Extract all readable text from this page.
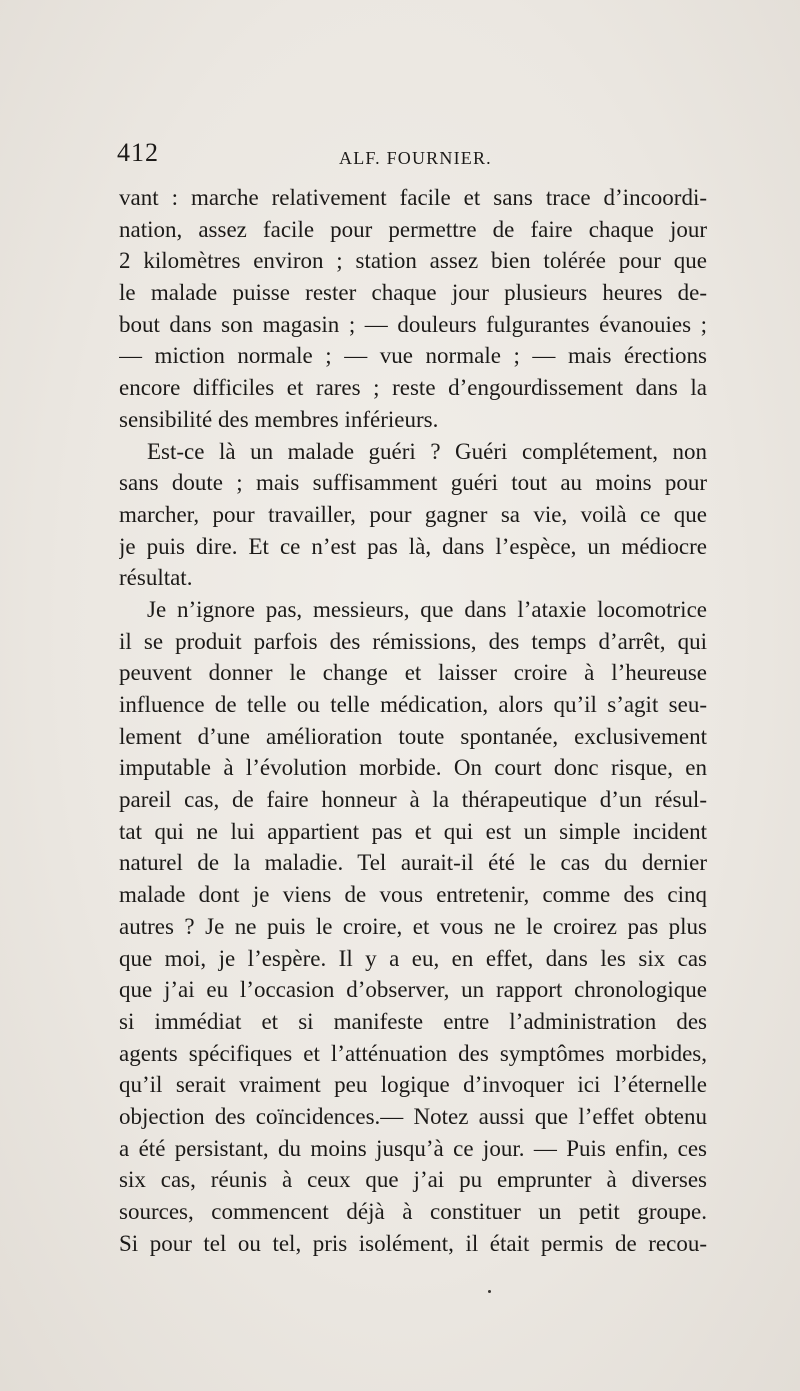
412	ALF. FOURNIER.
vant : marche relativement facile et sans trace d’incoordi-
nation, assez facile pour permettre de faire chaque jour
2 kilomètres environ ; station assez bien tolérée pour que
le malade puisse rester chaque jour plusieurs heures de-
bout dans son magasin ; — douleurs fulgurantes évanouies ;
— miction normale ; — vue normale ; — mais érections
encore difficiles et rares ; reste d’engourdissement dans la
sensibilité des membres inférieurs.
Est-ce là un malade guéri ? Guéri complétement, non
sans doute ; mais suffisamment guéri tout au moins pour
marcher, pour travailler, pour gagner sa vie, voilà ce que
je puis dire. Et ce n’est pas là, dans l’espèce, un médiocre
résultat.
Je n’ignore pas, messieurs, que dans l’ataxie locomotrice
il se produit parfois des rémissions, des temps d’arrêt, qui
peuvent donner le change et laisser croire à l’heureuse
influence de telle ou telle médication, alors qu’il s’agit seu-
lement d’une amélioration toute spontanée, exclusivement
imputable à l’évolution morbide. On court donc risque, en
pareil cas, de faire honneur à la thérapeutique d’un résul-
tat qui ne lui appartient pas et qui est un simple incident
naturel de la maladie. Tel aurait-il été le cas du dernier
malade dont je viens de vous entretenir, comme des cinq
autres ? Je ne puis le croire, et vous ne le croirez pas plus
que moi, je l’espère. Il y a eu, en effet, dans les six cas
que j’ai eu l’occasion d’observer, un rapport chronologique
si immédiat et si manifeste entre l’administration des
agents spécifiques et l’atténuation des symptômes morbides,
qu’il serait vraiment peu logique d’invoquer ici l’éternelle
objection des coïncidences.— Notez aussi que l’effet obtenu
a été persistant, du moins jusqu’à ce jour. — Puis enfin, ces
six cas, réunis à ceux que j’ai pu emprunter à diverses
sources, commencent déjà à constituer un petit groupe.
Si pour tel ou tel, pris isolément, il était permis de recou-
